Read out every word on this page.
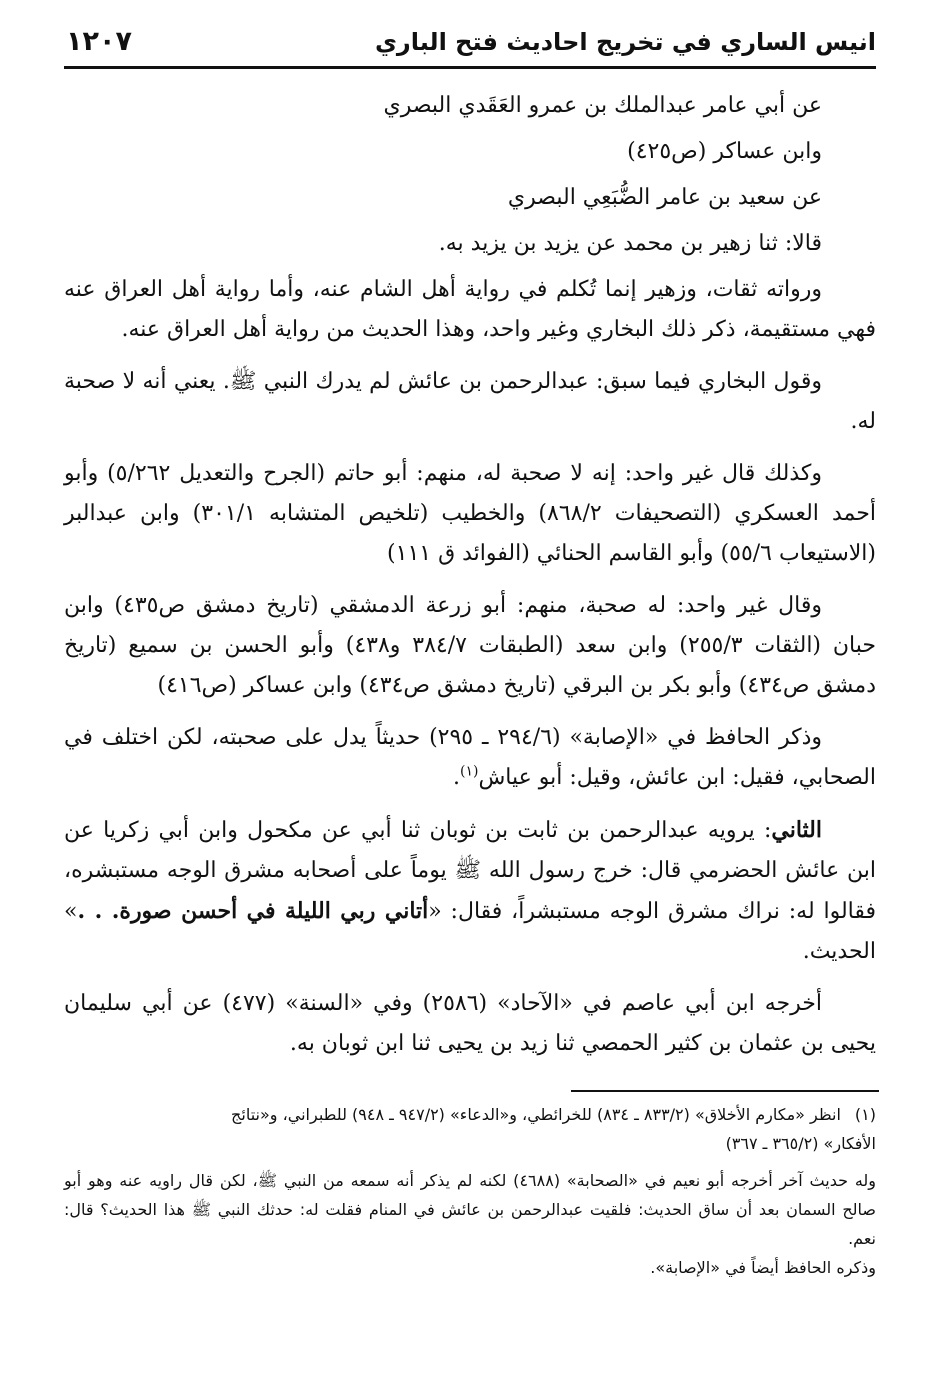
انيس الساري في تخريج احاديث فتح الباري
١٢٠٧

عن أبي عامر عبدالملك بن عمرو العَقَدي البصري

وابن عساكر (ص٤٢٥)

عن سعيد بن عامر الضُّبَعِي البصري

قالا: ثنا زهير بن محمد عن يزيد بن يزيد به.

ورواته ثقات، وزهير إنما تُكلم في رواية أهل الشام عنه، وأما رواية أهل العراق عنه فهي مستقيمة، ذكر ذلك البخاري وغير واحد، وهذا الحديث من رواية أهل العراق عنه.

وقول البخاري فيما سبق: عبدالرحمن بن عائش لم يدرك النبي ﷺ. يعني أنه لا صحبة له.

وكذلك قال غير واحد: إنه لا صحبة له، منهم: أبو حاتم (الجرح والتعديل ٥/٢٦٢) وأبو أحمد العسكري (التصحيفات ٨٦٨/٢) والخطيب (تلخيص المتشابه ٣٠١/١) وابن عبدالبر (الاستيعاب ٥٥/٦) وأبو القاسم الحنائي (الفوائد ق ١١١)

وقال غير واحد: له صحبة، منهم: أبو زرعة الدمشقي (تاريخ دمشق ص٤٣٥) وابن حبان (الثقات ٢٥٥/٣) وابن سعد (الطبقات ٣٨٤/٧ و٤٣٨) وأبو الحسن بن سميع (تاريخ دمشق ص٤٣٤) وأبو بكر بن البرقي (تاريخ دمشق ص٤٣٤) وابن عساكر (ص٤١٦)

وذكر الحافظ في «الإصابة» (٢٩٤/٦ ـ ٢٩٥) حديثاً يدل على صحبته، لكن اختلف في الصحابي، فقيل: ابن عائش، وقيل: أبو عياش$^{(١)}$.

الثاني: يرويه عبدالرحمن بن ثابت بن ثوبان ثنا أبي عن مكحول وابن أبي زكريا عن ابن عائش الحضرمي قال: خرج رسول الله ﷺ يوماً على أصحابه مشرق الوجه مستبشره، فقالوا له: نراك مشرق الوجه مستبشراً، فقال: «أتاني ربي الليلة في أحسن صورة. . .» الحديث.

أخرجه ابن أبي عاصم في «الآحاد» (٢٥٨٦) وفي «السنة» (٤٧٧) عن أبي سليمان يحيى بن عثمان بن كثير الحمصي ثنا زيد بن يحيى ثنا ابن ثوبان به.

(١)
انظر «مكارم الأخلاق» (٨٣٣/٢ ـ ٨٣٤) للخرائطي، و«الدعاء» (٩٤٧/٢ ـ ٩٤٨) للطبراني، و«نتائج

الأفكار» (٣٦٥/٢ ـ ٣٦٧)

وله حديث آخر أخرجه أبو نعيم في «الصحابة» (٤٦٨٨) لكنه لم يذكر أنه سمعه من النبي ﷺ، لكن قال راويه عنه وهو أبو صالح السمان بعد أن ساق الحديث: فلقيت عبدالرحمن بن عائش في المنام فقلت له: حدثك النبي ﷺ هذا الحديث؟ قال: نعم.

وذكره الحافظ أيضاً في «الإصابة».
